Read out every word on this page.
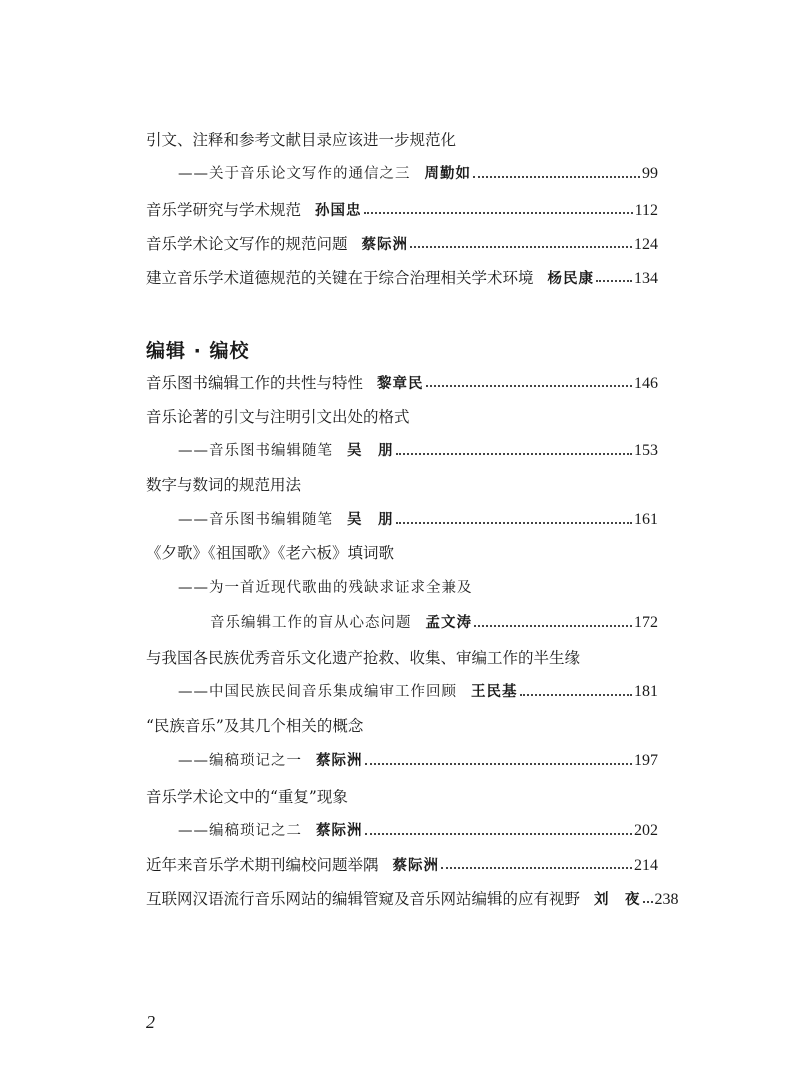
引文、注释和参考文献目录应该进一步规范化
——关于音乐论文写作的通信之三 周勤如	99
音乐学研究与学术规范 孙国忠	112
音乐学术论文写作的规范问题 蔡际洲	124
建立音乐学术道德规范的关键在于综合治理相关学术环境 杨民康 134
编辑 · 编校
音乐图书编辑工作的共性与特性 黎章民	146
音乐论著的引文与注明引文出处的格式
——音乐图书编辑随笔 吴　朋	153
数字与数词的规范用法
——音乐图书编辑随笔 吴　朋	161
《夕歌》《祖国歌》《老六板》填词歌
——为一首近现代歌曲的残缺求证求全兼及
音乐编辑工作的盲从心态问题 孟文涛	172
与我国各民族优秀音乐文化遗产抢救、收集、审编工作的半生缘
——中国民族民间音乐集成编审工作回顾 王民基	181
“民族音乐”及其几个相关的概念
——编稿琐记之一 蔡际洲	197
音乐学术论文中的“重复”现象
——编稿琐记之二 蔡际洲	202
近年来音乐学术期刊编校问题举隅 蔡际洲	214
互联网汉语流行音乐网站的编辑管窥及音乐网站编辑的应有视野 刘　夜 238
2
